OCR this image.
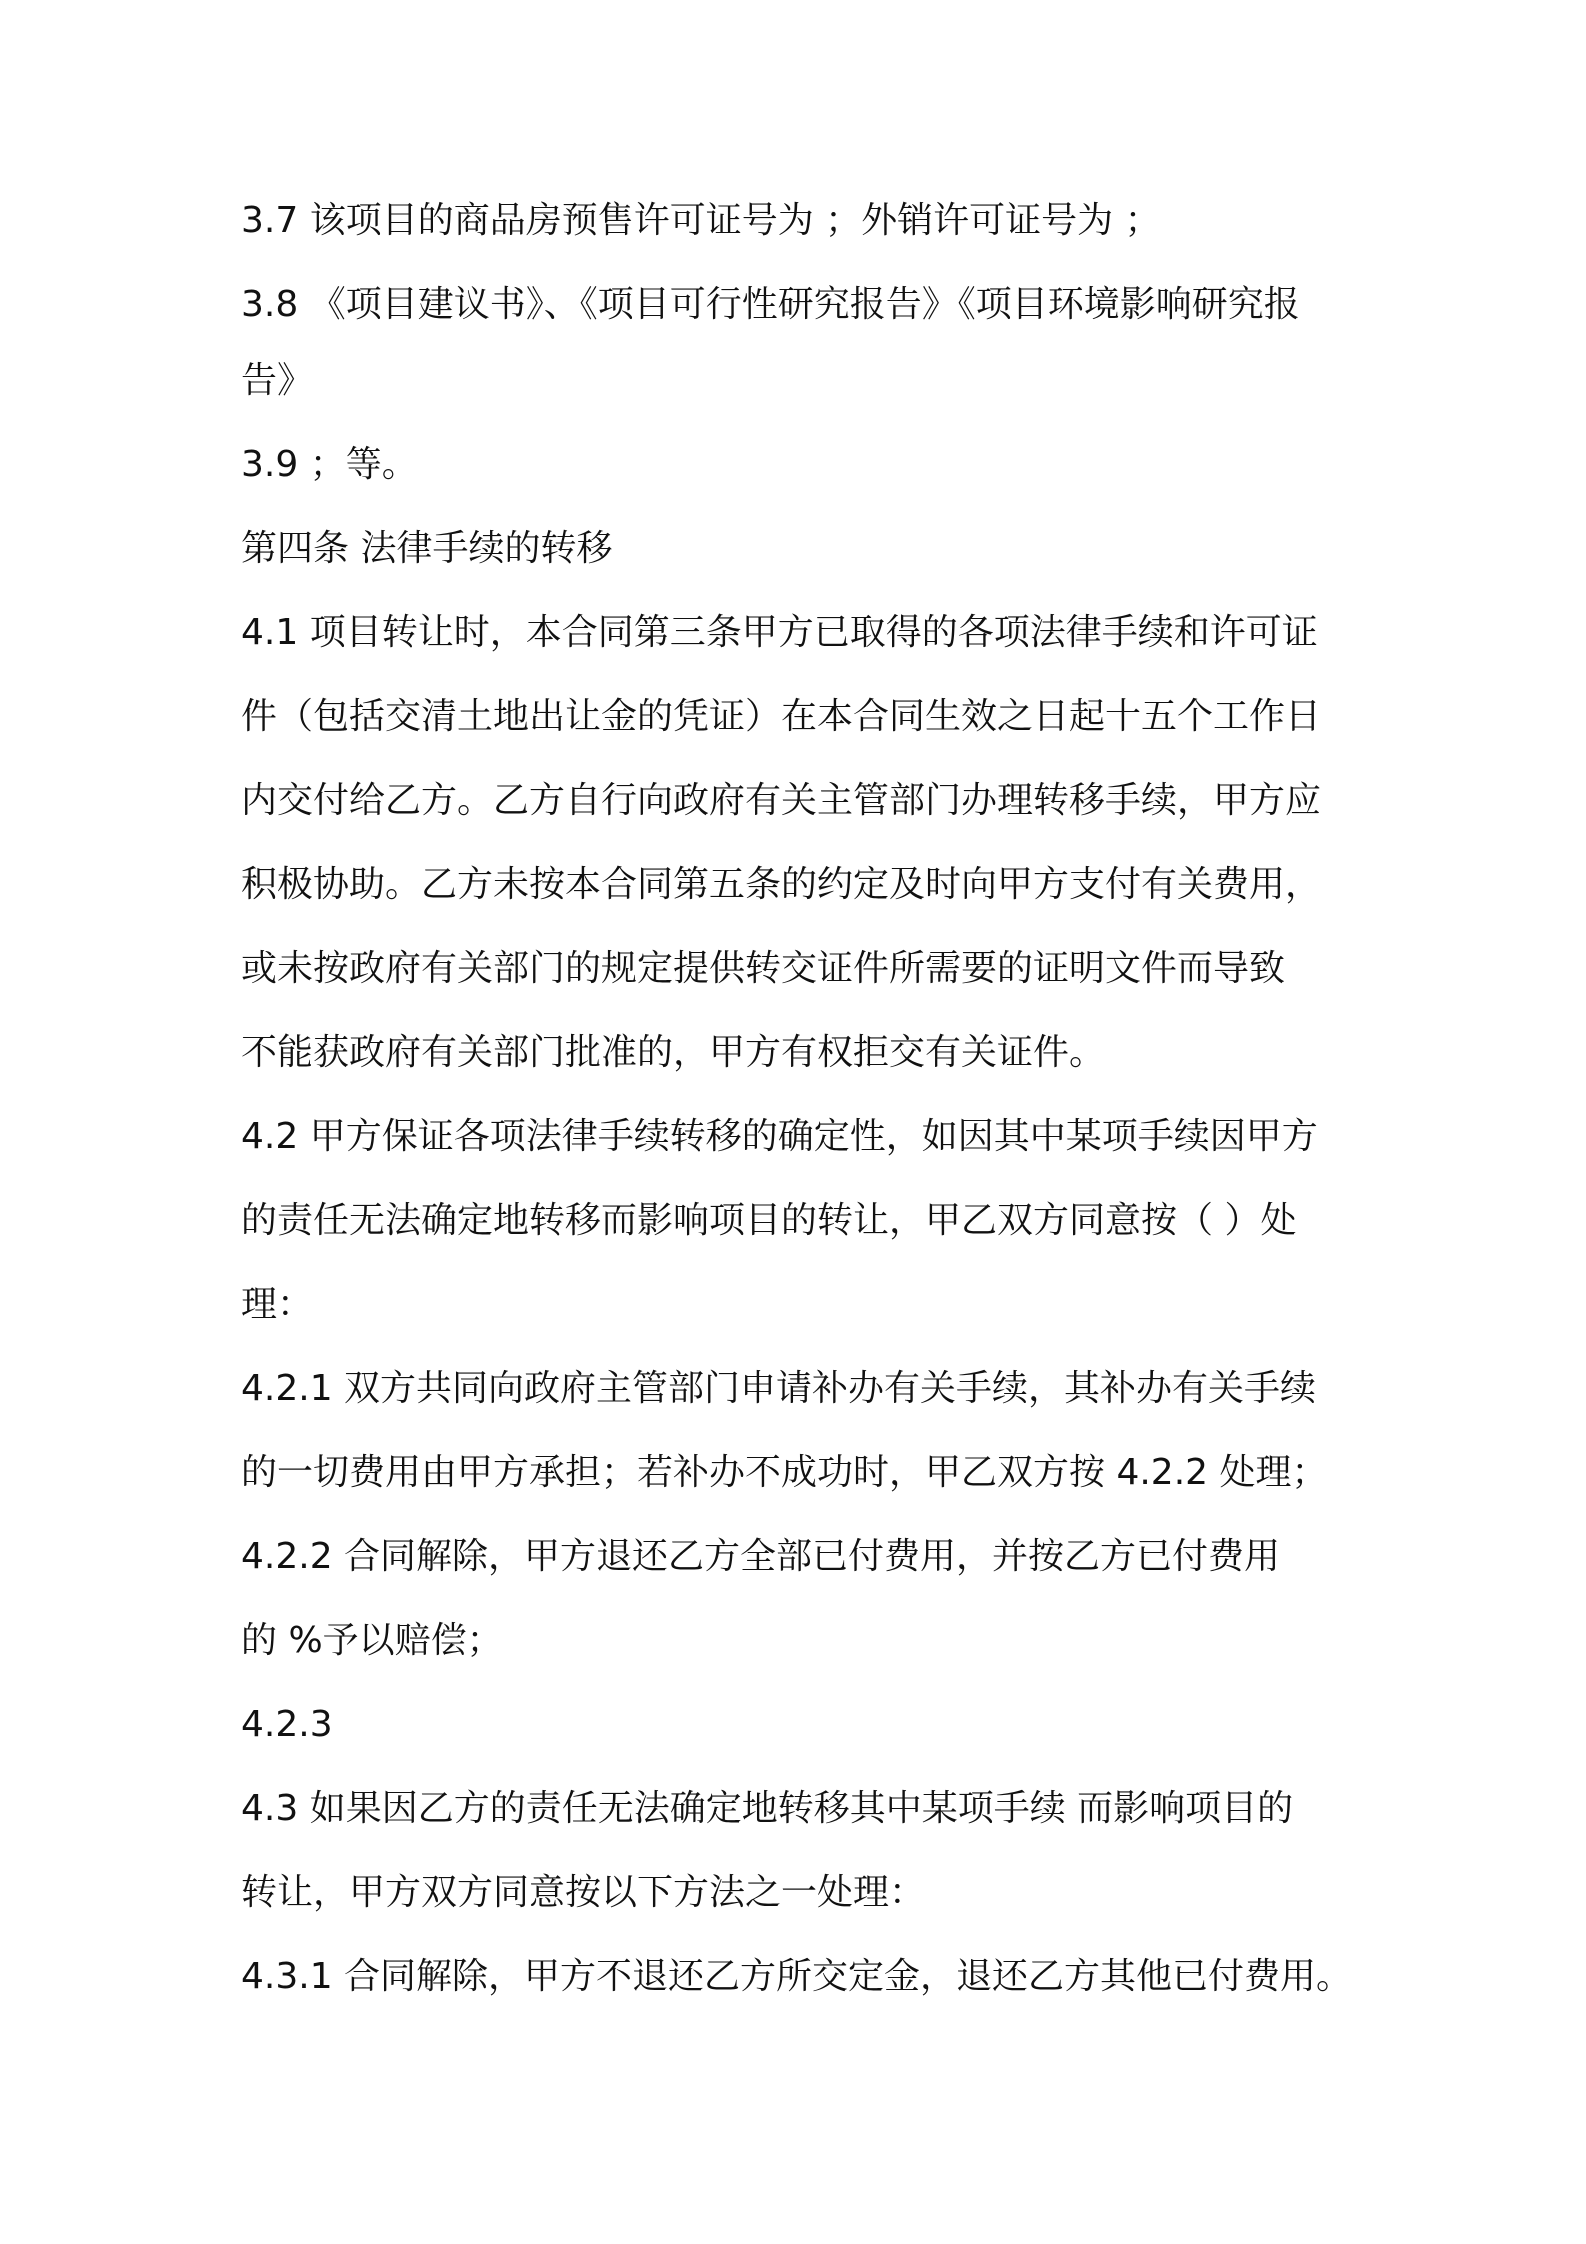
3.7 该项目的商品房预售许可证号为 ；外销许可证号为 ；
3.8 《项目建议书》、《项目可行性研究报告》《项目环境影响研究报
告》
3.9 ；等。
第四条 法律手续的转移
4.1 项目转让时，本合同第三条甲方已取得的各项法律手续和许可证
件（包括交清土地出让金的凭证）在本合同生效之日起十五个工作日
内交付给乙方。乙方自行向政府有关主管部门办理转移手续，甲方应
积极协助。乙方未按本合同第五条的约定及时向甲方支付有关费用，
或未按政府有关部门的规定提供转交证件所需要的证明文件而导致
不能获政府有关部门批准的，甲方有权拒交有关证件。
4.2 甲方保证各项法律手续转移的确定性，如因其中某项手续因甲方
的责任无法确定地转移而影响项目的转让，甲乙双方同意按（ ）处
理：
4.2.1 双方共同向政府主管部门申请补办有关手续，其补办有关手续
的一切费用由甲方承担；若补办不成功时，甲乙双方按 4.2.2 处理；
4.2.2 合同解除，甲方退还乙方全部已付费用，并按乙方已付费用
的 %予以赔偿；
4.2.3
4.3 如果因乙方的责任无法确定地转移其中某项手续 而影响项目的
转让，甲方双方同意按以下方法之一处理：
4.3.1 合同解除，甲方不退还乙方所交定金，退还乙方其他已付费用。
